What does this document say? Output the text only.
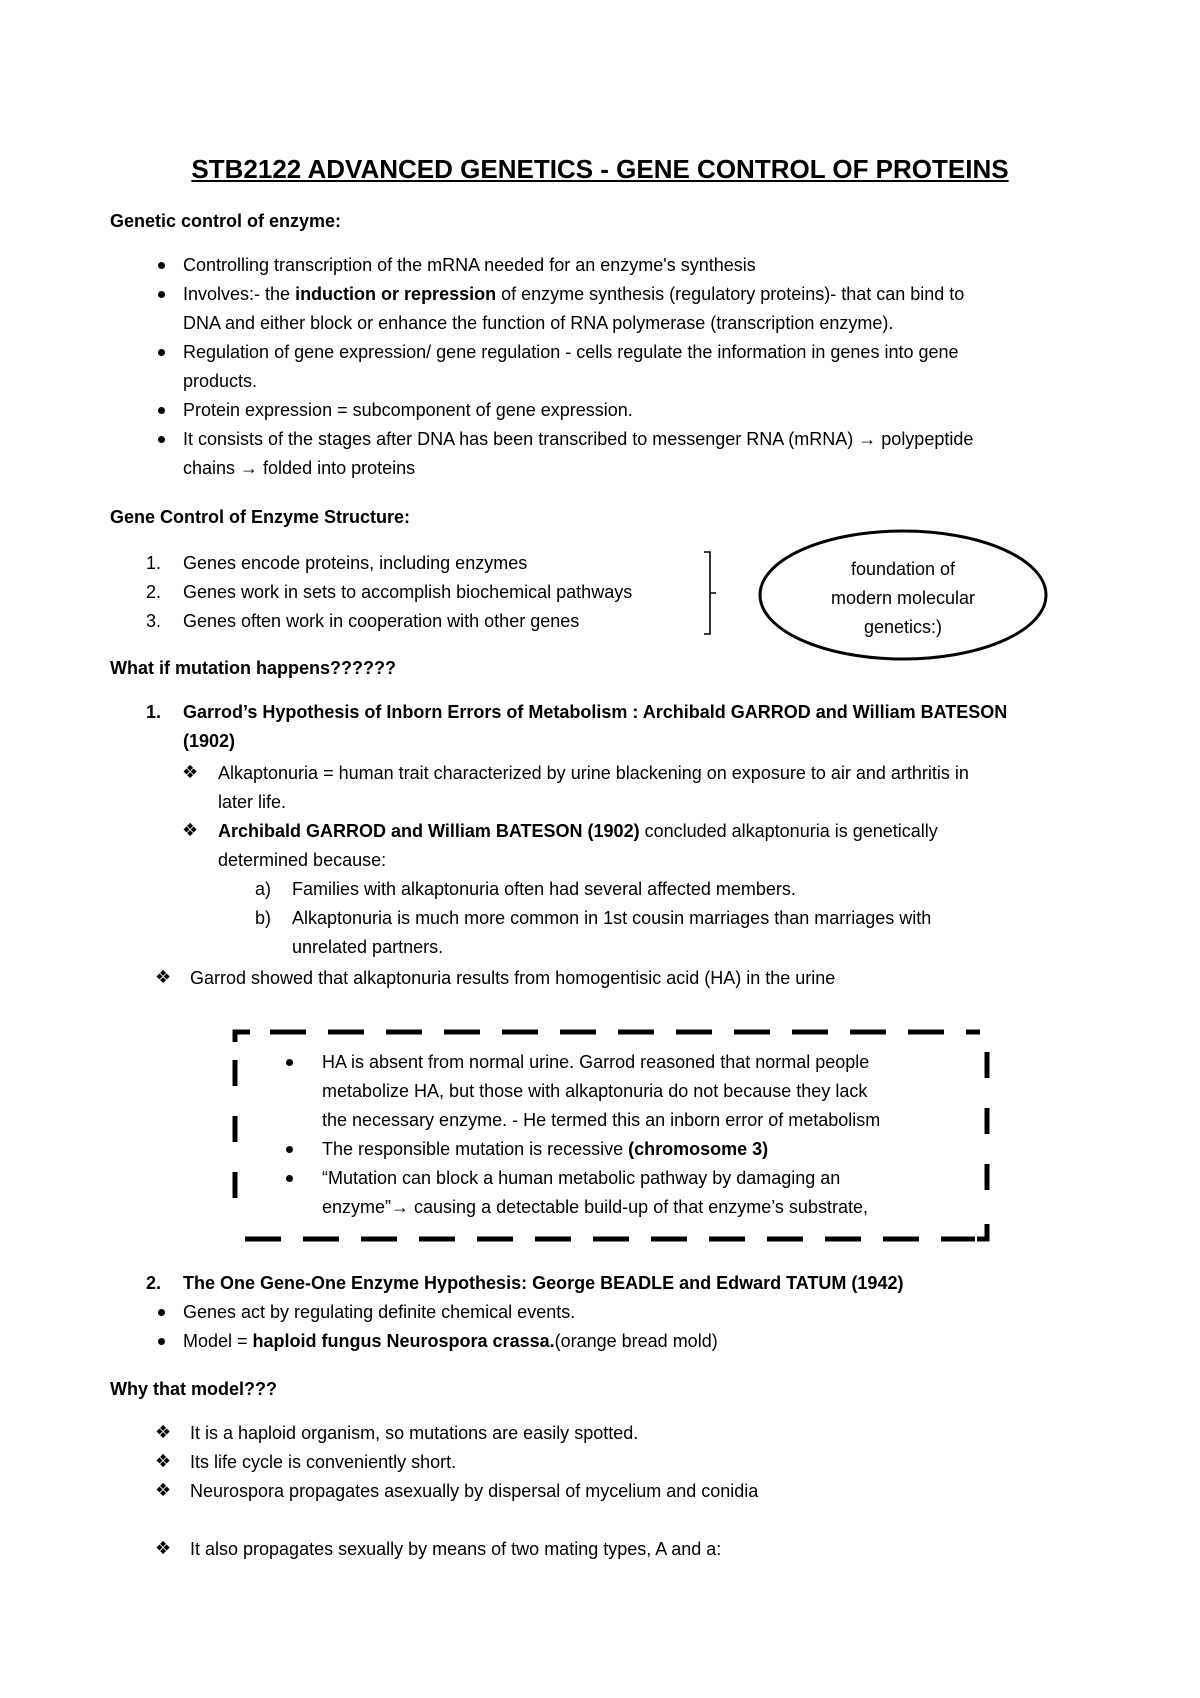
STB2122 ADVANCED GENETICS - GENE CONTROL OF PROTEINS
Genetic control of enzyme:
Controlling transcription of the mRNA needed for an enzyme's synthesis
Involves:- the induction or repression of enzyme synthesis (regulatory proteins)- that can bind to
DNA and either block or enhance the function of RNA polymerase (transcription enzyme).
Regulation of gene expression/ gene regulation - cells regulate the information in genes into gene
products.
Protein expression = subcomponent of gene expression.
It consists of the stages after DNA has been transcribed to messenger RNA (mRNA) → polypeptide
chains → folded into proteins
Gene Control of Enzyme Structure:
1. Genes encode proteins, including enzymes
2. Genes work in sets to accomplish biochemical pathways
3. Genes often work in cooperation with other genes
foundation of
modern molecular
genetics:)
What if mutation happens??????
1. Garrod’s Hypothesis of Inborn Errors of Metabolism : Archibald GARROD and William BATESON
(1902)
❖ Alkaptonuria = human trait characterized by urine blackening on exposure to air and arthritis in
later life.
❖ Archibald GARROD and William BATESON (1902) concluded alkaptonuria is genetically
determined because:
a) Families with alkaptonuria often had several affected members.
b) Alkaptonuria is much more common in 1st cousin marriages than marriages with
unrelated partners.
❖ Garrod showed that alkaptonuria results from homogentisic acid (HA) in the urine
HA is absent from normal urine. Garrod reasoned that normal people
metabolize HA, but those with alkaptonuria do not because they lack
the necessary enzyme. - He termed this an inborn error of metabolism
The responsible mutation is recessive (chromosome 3)
“Mutation can block a human metabolic pathway by damaging an
enzyme”→ causing a detectable build-up of that enzyme’s substrate,
2. The One Gene-One Enzyme Hypothesis: George BEADLE and Edward TATUM (1942)
Genes act by regulating definite chemical events.
Model = haploid fungus Neurospora crassa.(orange bread mold)
Why that model???
❖ It is a haploid organism, so mutations are easily spotted.
❖ Its life cycle is conveniently short.
❖ Neurospora propagates asexually by dispersal of mycelium and conidia
❖ It also propagates sexually by means of two mating types, A and a:
